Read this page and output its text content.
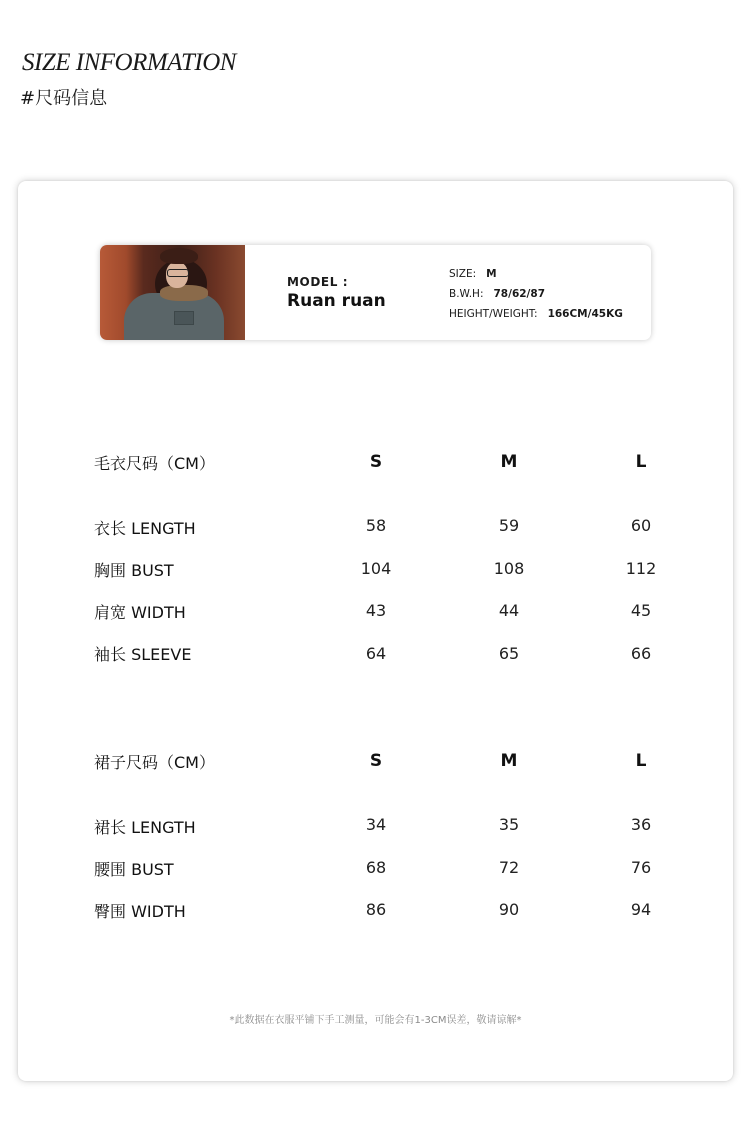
SIZE INFORMATION
#尺码信息
MODEL :
Ruan ruan
SIZE: M
B.W.H: 78/62/87
HEIGHT/WEIGHT: 166CM/45KG
毛衣尺码（CM）	S	M	L
衣长 LENGTH	58	59	60
胸围 BUST	104	108	112
肩宽 WIDTH	43	44	45
袖长 SLEEVE	64	65	66
裙子尺码（CM）	S	M	L
裙长 LENGTH	34	35	36
腰围 BUST	68	72	76
臀围 WIDTH	86	90	94
*此数据在衣服平铺下手工测量，可能会有1-3CM误差，敬请谅解*
